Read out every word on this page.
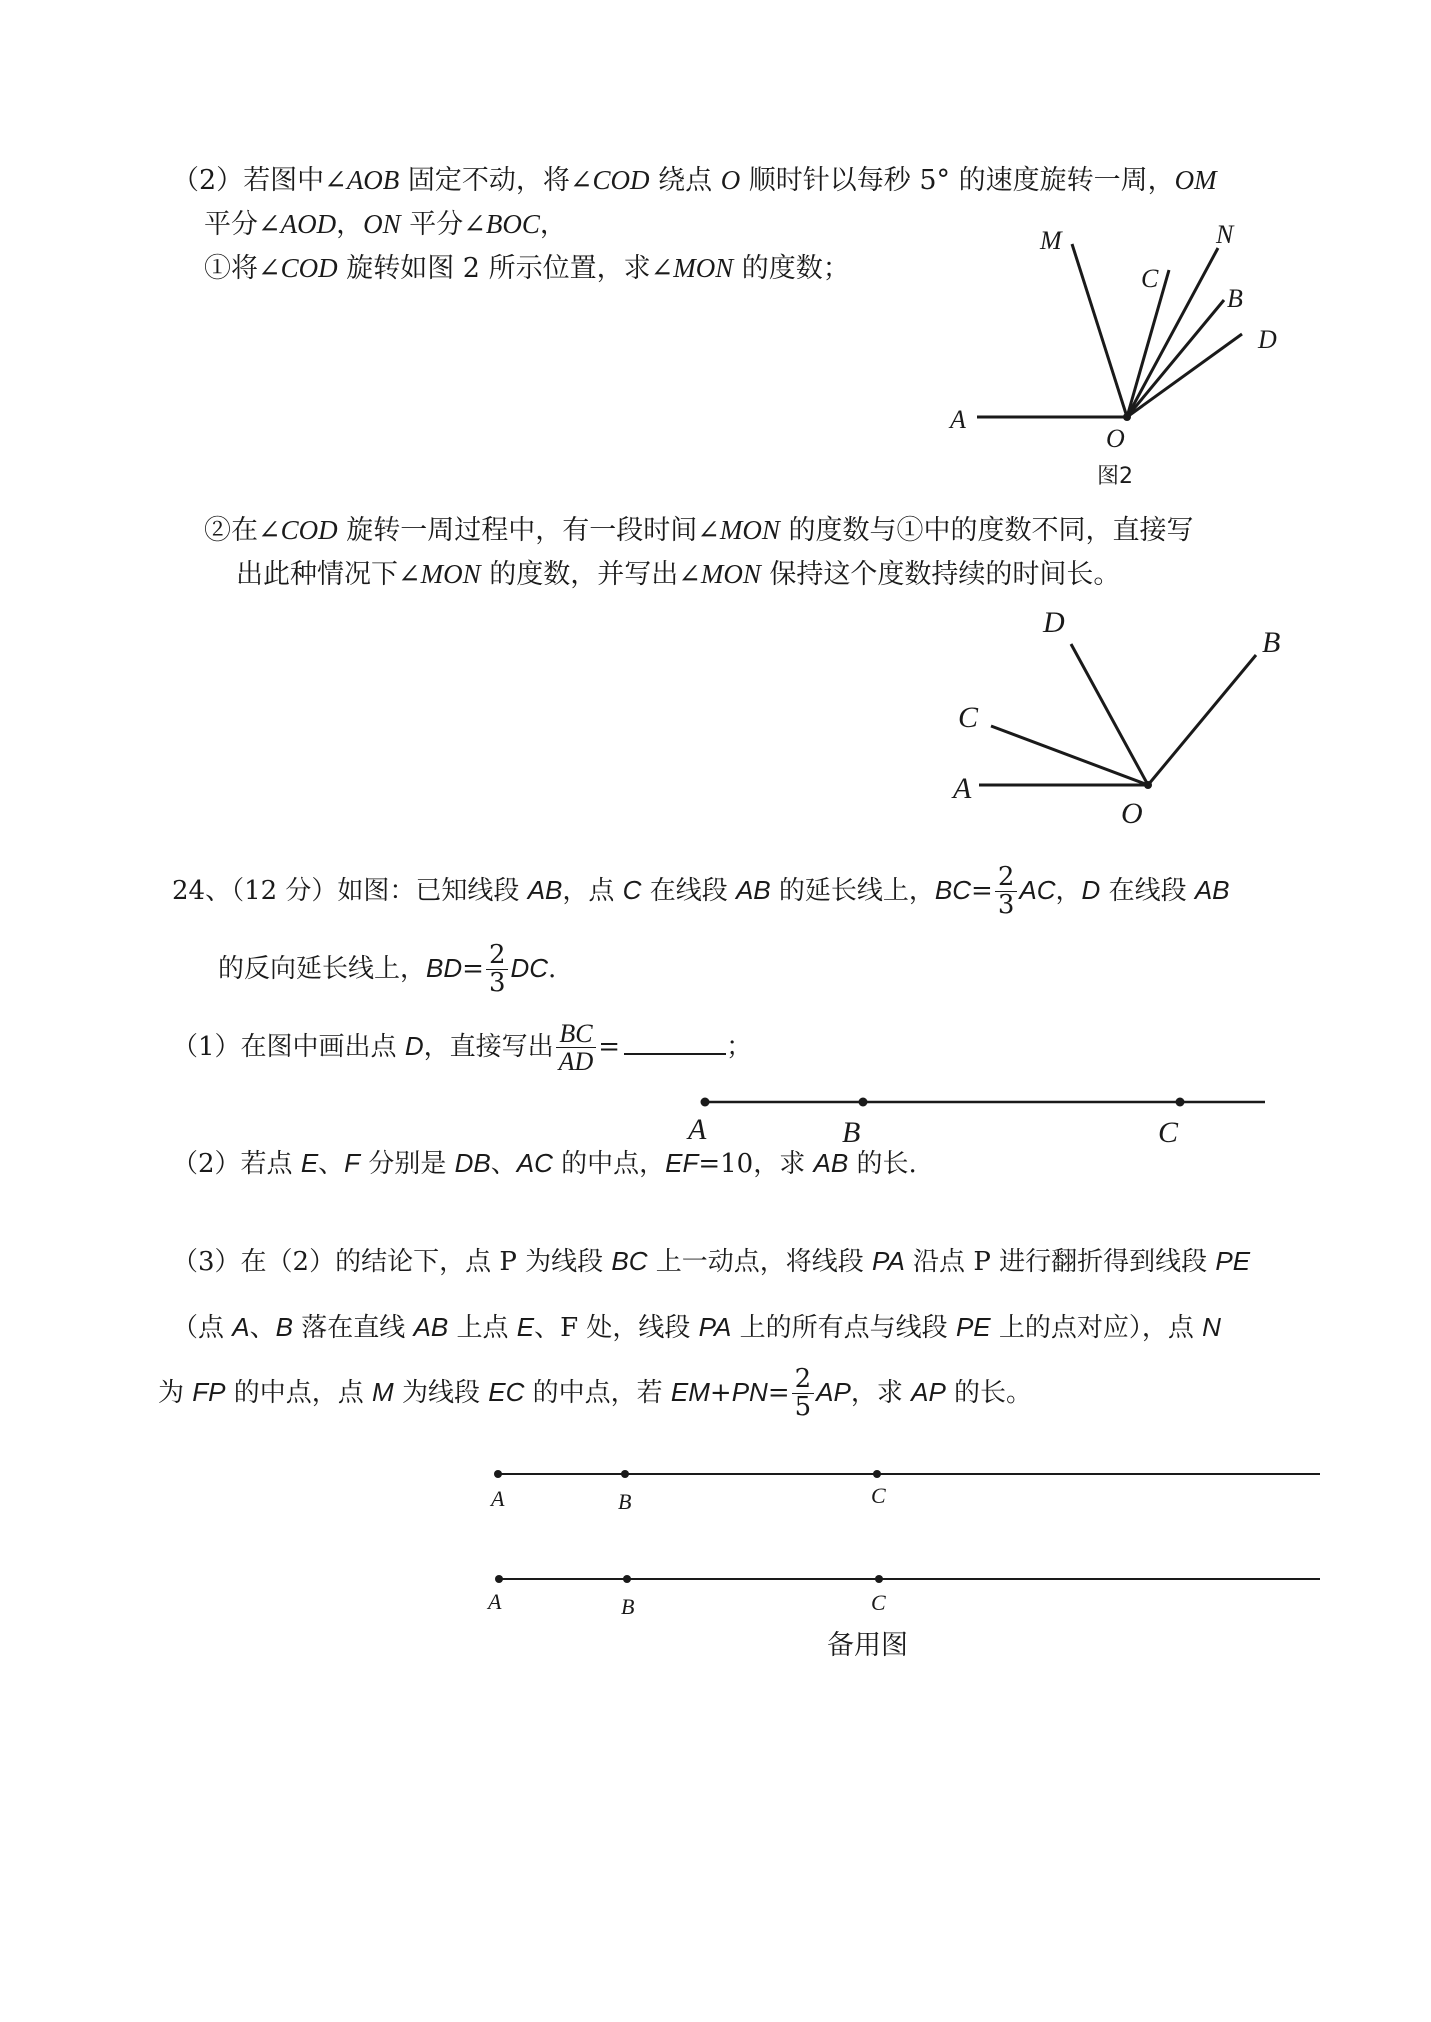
（2）若图中∠AOB 固定不动，将∠COD 绕点 O 顺时针以每秒 5° 的速度旋转一周，OM
平分∠AOD，ON 平分∠BOC，
①将∠COD 旋转如图 2 所示位置，求∠MON 的度数；
M	N
C
B
D
A
O
图2
②在∠COD 旋转一周过程中，有一段时间∠MON 的度数与①中的度数不同，直接写
出此种情况下∠MON 的度数，并写出∠MON 保持这个度数持续的时间长。
D
B
C
A
O
24、（12 分）如图：已知线段 AB，点 C 在线段 AB 的延长线上，$BC= \frac{2}{3}$ AC，D 在线段 AB
的反向延长线上，$BD= \frac{2}{3}$ DC.
（1）在图中画出点 D，直接写出 $\frac{BC}{AD}$ =	；
A	B	C
（2）若点 E、F 分别是 DB、AC 的中点，EF=10，求 AB 的长.
（3）在（2）的结论下，点 P 为线段 BC 上一动点，将线段 PA 沿点 P 进行翻折得到线段 PE
（点 A、B 落在直线 AB 上点 E、F 处，线段 PA 上的所有点与线段 PE 上的点对应），点 N
为 FP 的中点，点 M 为线段 EC 的中点，若 $EM+PN= \frac{2}{5}$ AP，求 AP 的长。
A	B	C
A	B	C
备用图
